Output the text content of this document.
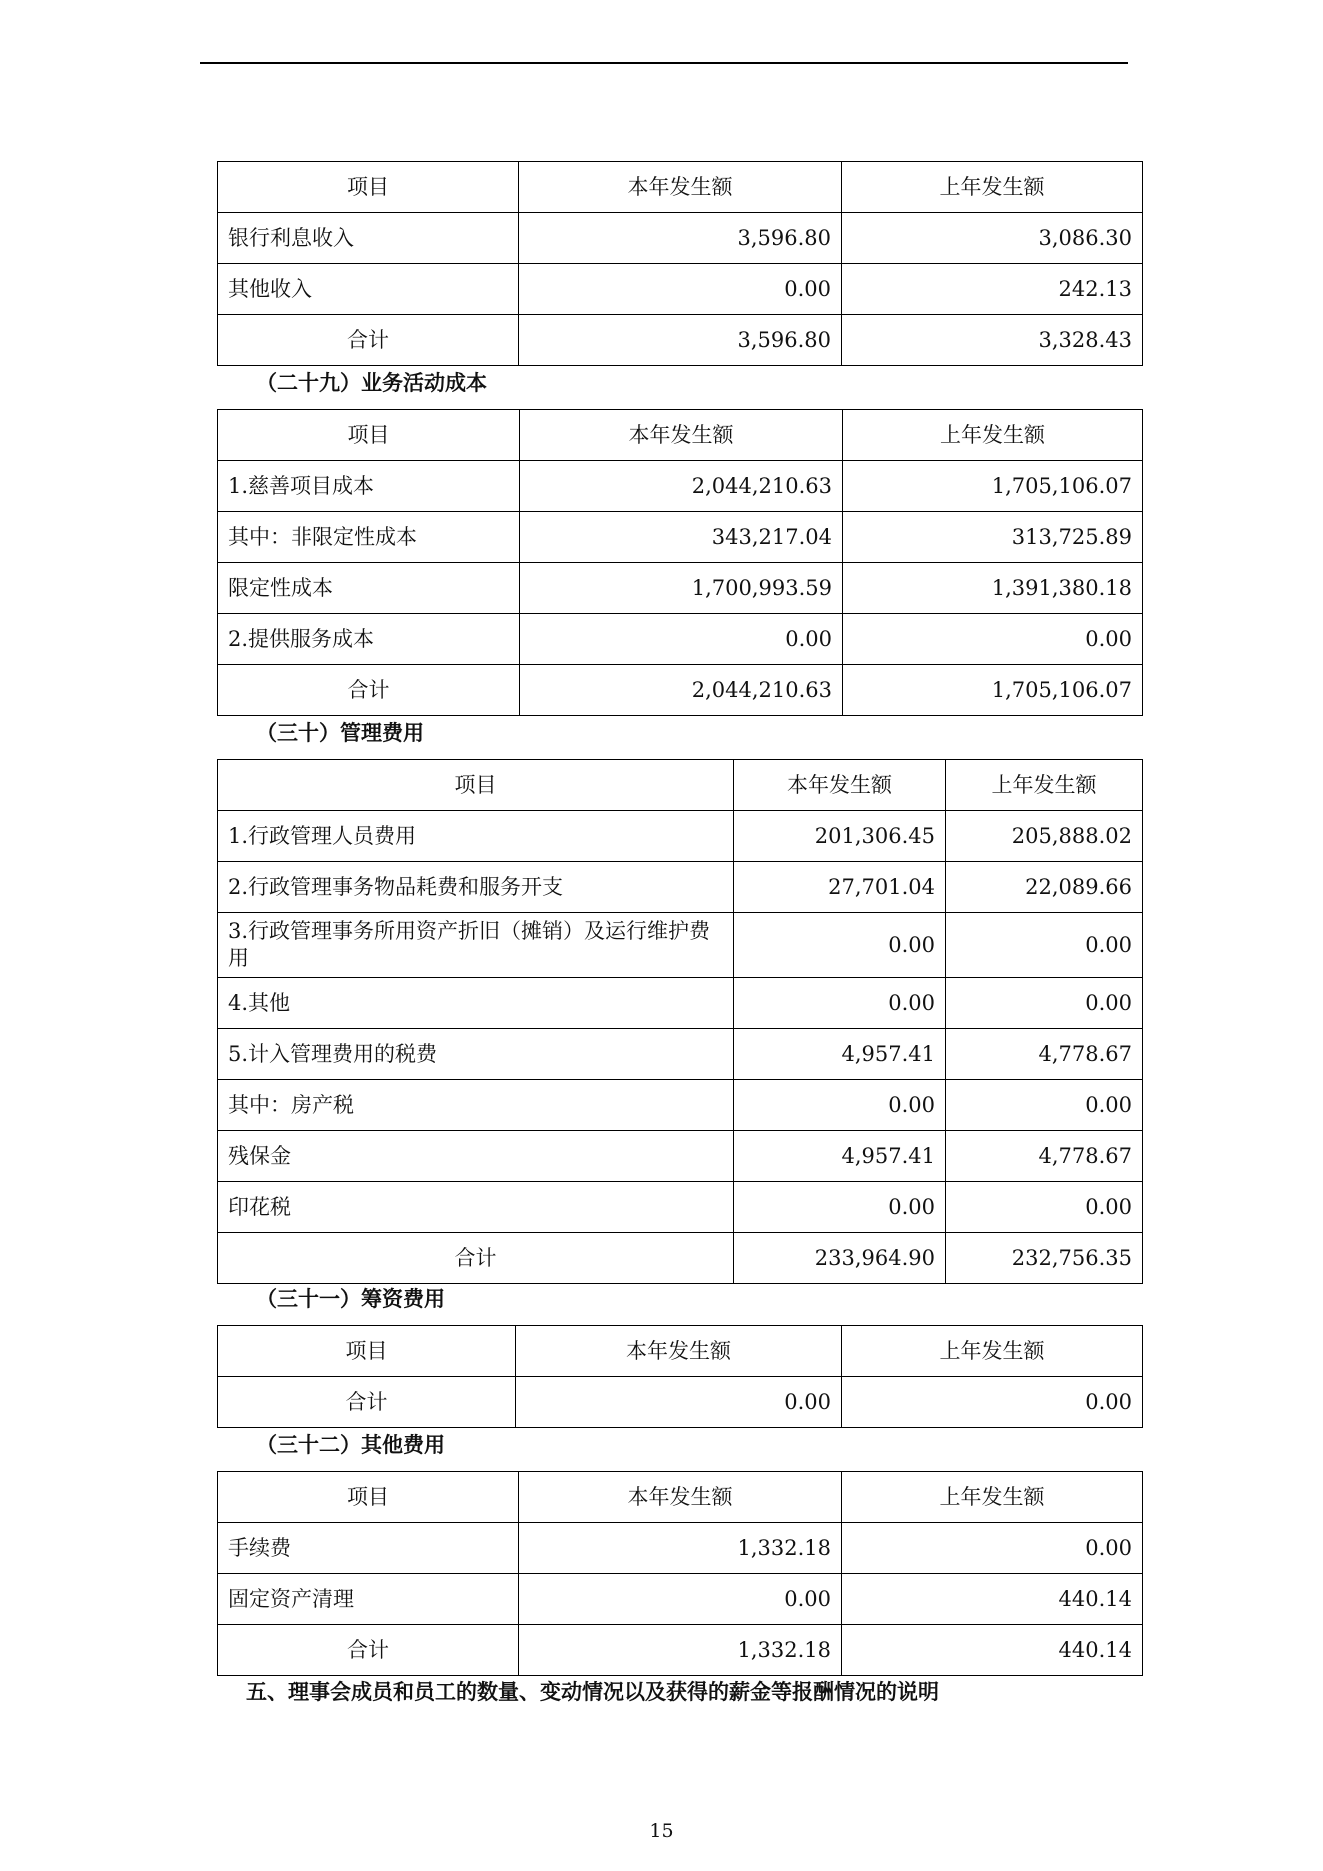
项目	本年发生额	上年发生额
银行利息收入	3,596.80	3,086.30
其他收入	0.00	242.13
合计	3,596.80	3,328.43
（二十九）业务活动成本
项目	本年发生额	上年发生额
1.慈善项目成本	2,044,210.63	1,705,106.07
其中：非限定性成本	343,217.04	313,725.89
限定性成本	1,700,993.59	1,391,380.18
2.提供服务成本	0.00	0.00
合计	2,044,210.63	1,705,106.07
（三十）管理费用
项目	本年发生额	上年发生额
1.行政管理人员费用	201,306.45	205,888.02
2.行政管理事务物品耗费和服务开支	27,701.04	22,089.66
3.行政管理事务所用资产折旧（摊销）及运行维护费用	0.00	0.00
4.其他	0.00	0.00
5.计入管理费用的税费	4,957.41	4,778.67
其中：房产税	0.00	0.00
残保金	4,957.41	4,778.67
印花税	0.00	0.00
合计	233,964.90	232,756.35
（三十一）筹资费用
项目	本年发生额	上年发生额
合计	0.00	0.00
（三十二）其他费用
项目	本年发生额	上年发生额
手续费	1,332.18	0.00
固定资产清理	0.00	440.14
合计	1,332.18	440.14
五、理事会成员和员工的数量、变动情况以及获得的薪金等报酬情况的说明
15
